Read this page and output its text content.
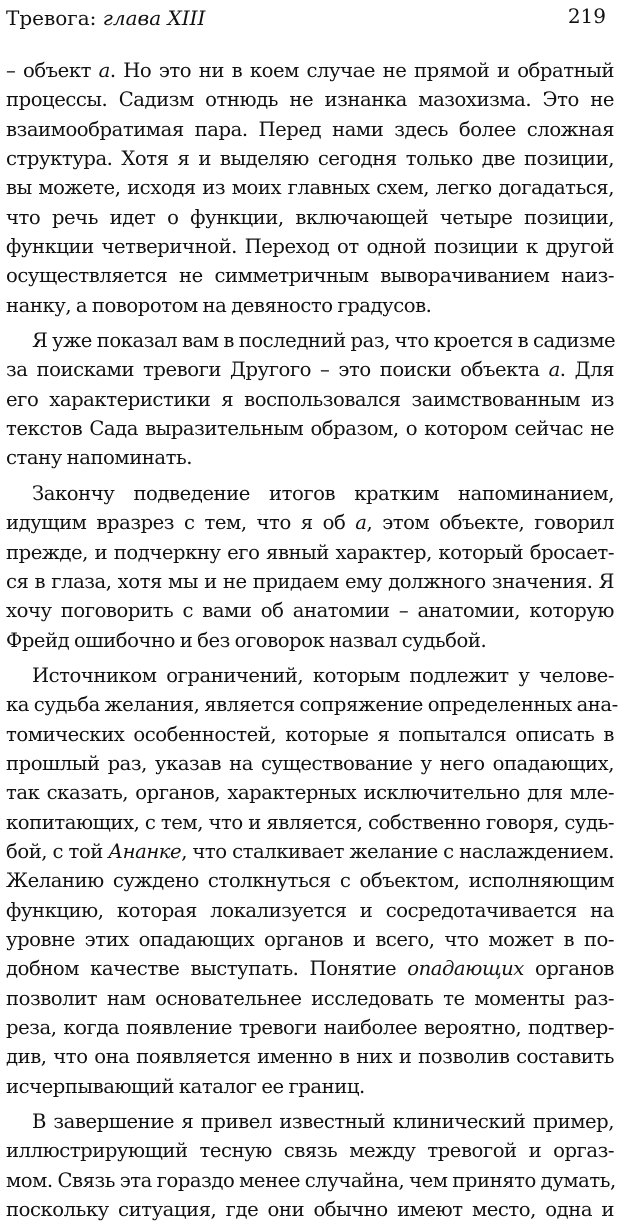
Тревога: глава XIII	219
– объект а. Но это ни в коем случае не прямой и обратный
процессы. Садизм отнюдь не изнанка мазохизма. Это не
взаимообратимая пара. Перед нами здесь более сложная
структура. Хотя я и выделяю сегодня только две позиции,
вы можете, исходя из моих главных схем, легко догадаться,
что речь идет о функции, включающей четыре позиции,
функции четверичной. Переход от одной позиции к другой
осуществляется не симметричным выворачиванием наиз-
нанку, а поворотом на девяносто градусов.
Я уже показал вам в последний раз, что кроется в садизме
за поисками тревоги Другого – это поиски объекта а. Для
его характеристики я воспользовался заимствованным из
текстов Сада выразительным образом, о котором сейчас не
стану напоминать.
Закончу подведение итогов кратким напоминанием,
идущим вразрез с тем, что я об а, этом объекте, говорил
прежде, и подчеркну его явный характер, который бросает-
ся в глаза, хотя мы и не придаем ему должного значения. Я
хочу поговорить с вами об анатомии – анатомии, которую
Фрейд ошибочно и без оговорок назвал судьбой.
Источником ограничений, которым подлежит у челове-
ка судьба желания, является сопряжение определенных ана-
томических особенностей, которые я попытался описать в
прошлый раз, указав на существование у него опадающих,
так сказать, органов, характерных исключительно для мле-
копитающих, с тем, что и является, собственно говоря, судь-
бой, с той Ананке, что сталкивает желание с наслаждением.
Желанию суждено столкнуться с объектом, исполняющим
функцию, которая локализуется и сосредотачивается на
уровне этих опадающих органов и всего, что может в по-
добном качестве выступать. Понятие опадающих органов
позволит нам основательнее исследовать те моменты раз-
реза, когда появление тревоги наиболее вероятно, подтвер-
див, что она появляется именно в них и позволив составить
исчерпывающий каталог ее границ.
В завершение я привел известный клинический пример,
иллюстрирующий тесную связь между тревогой и оргаз-
мом. Связь эта гораздо менее случайна, чем принято думать,
поскольку ситуация, где они обычно имеют место, одна и
